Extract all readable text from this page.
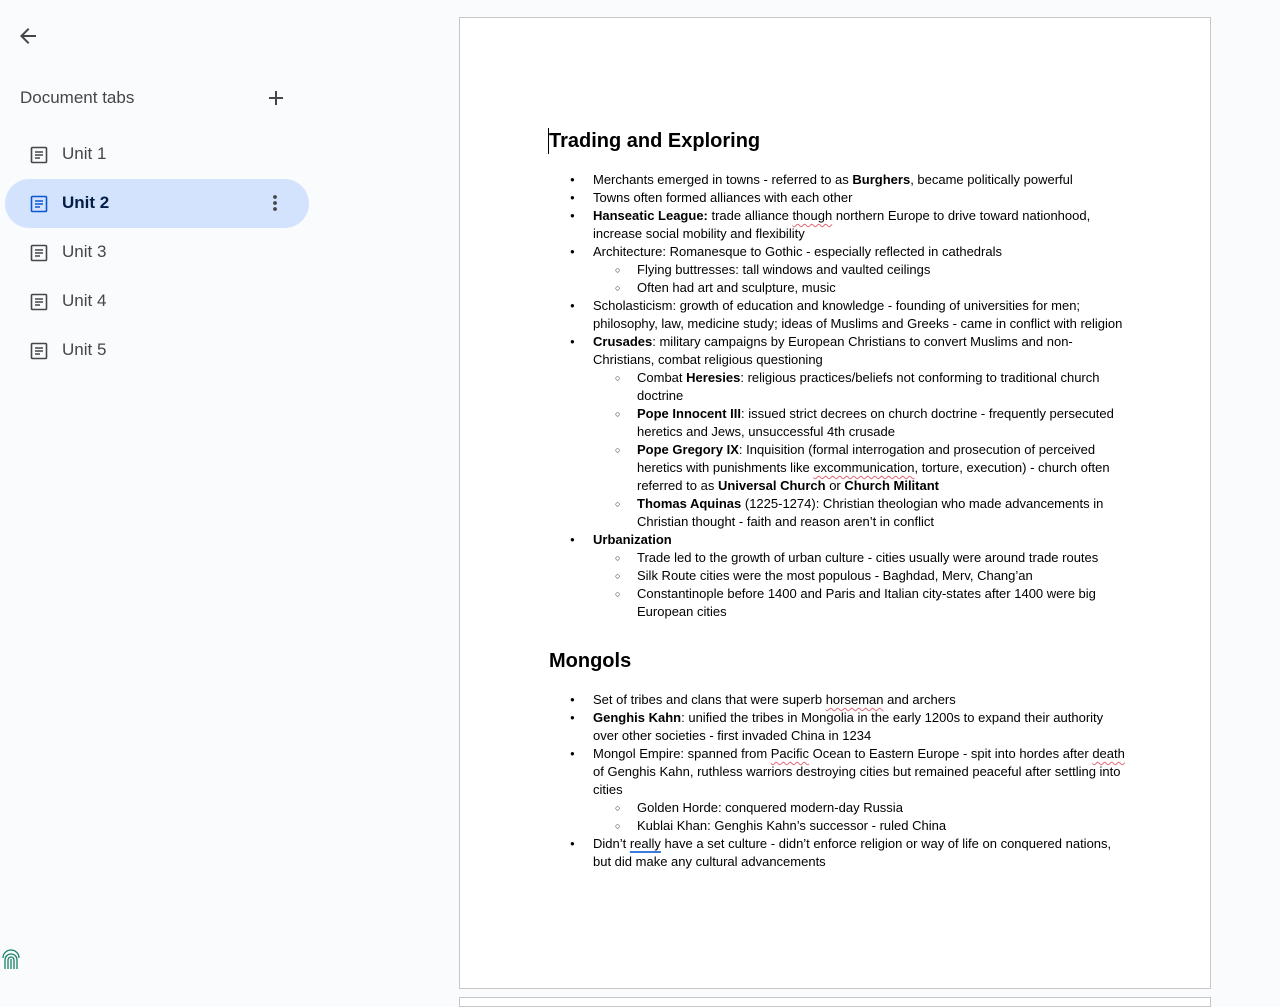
Document tabs
Unit 1
Unit 2
Unit 3
Unit 4
Unit 5
Trading and Exploring
● Merchants emerged in towns - referred to as Burghers, became politically powerful
● Towns often formed alliances with each other
● Hanseatic League: trade alliance though northern Europe to drive toward nationhood, increase social mobility and flexibility
● Architecture: Romanesque to Gothic - especially reflected in cathedrals
○ Flying buttresses: tall windows and vaulted ceilings
○ Often had art and sculpture, music
● Scholasticism: growth of education and knowledge - founding of universities for men; philosophy, law, medicine study; ideas of Muslims and Greeks - came in conflict with religion
● Crusades: military campaigns by European Christians to convert Muslims and non-Christians, combat religious questioning
○ Combat Heresies: religious practices/beliefs not conforming to traditional church doctrine
○ Pope Innocent III: issued strict decrees on church doctrine - frequently persecuted heretics and Jews, unsuccessful 4th crusade
○ Pope Gregory IX: Inquisition (formal interrogation and prosecution of perceived heretics with punishments like excommunication, torture, execution) - church often referred to as Universal Church or Church Militant
○ Thomas Aquinas (1225-1274): Christian theologian who made advancements in Christian thought - faith and reason aren’t in conflict
● Urbanization
○ Trade led to the growth of urban culture - cities usually were around trade routes
○ Silk Route cities were the most populous - Baghdad, Merv, Chang’an
○ Constantinople before 1400 and Paris and Italian city-states after 1400 were big European cities
Mongols
● Set of tribes and clans that were superb horseman and archers
● Genghis Kahn: unified the tribes in Mongolia in the early 1200s to expand their authority over other societies - first invaded China in 1234
● Mongol Empire: spanned from Pacific Ocean to Eastern Europe - spit into hordes after death of Genghis Kahn, ruthless warriors destroying cities but remained peaceful after settling into cities
○ Golden Horde: conquered modern-day Russia
○ Kublai Khan: Genghis Kahn’s successor - ruled China
● Didn’t really have a set culture - didn’t enforce religion or way of life on conquered nations, but did make any cultural advancements
